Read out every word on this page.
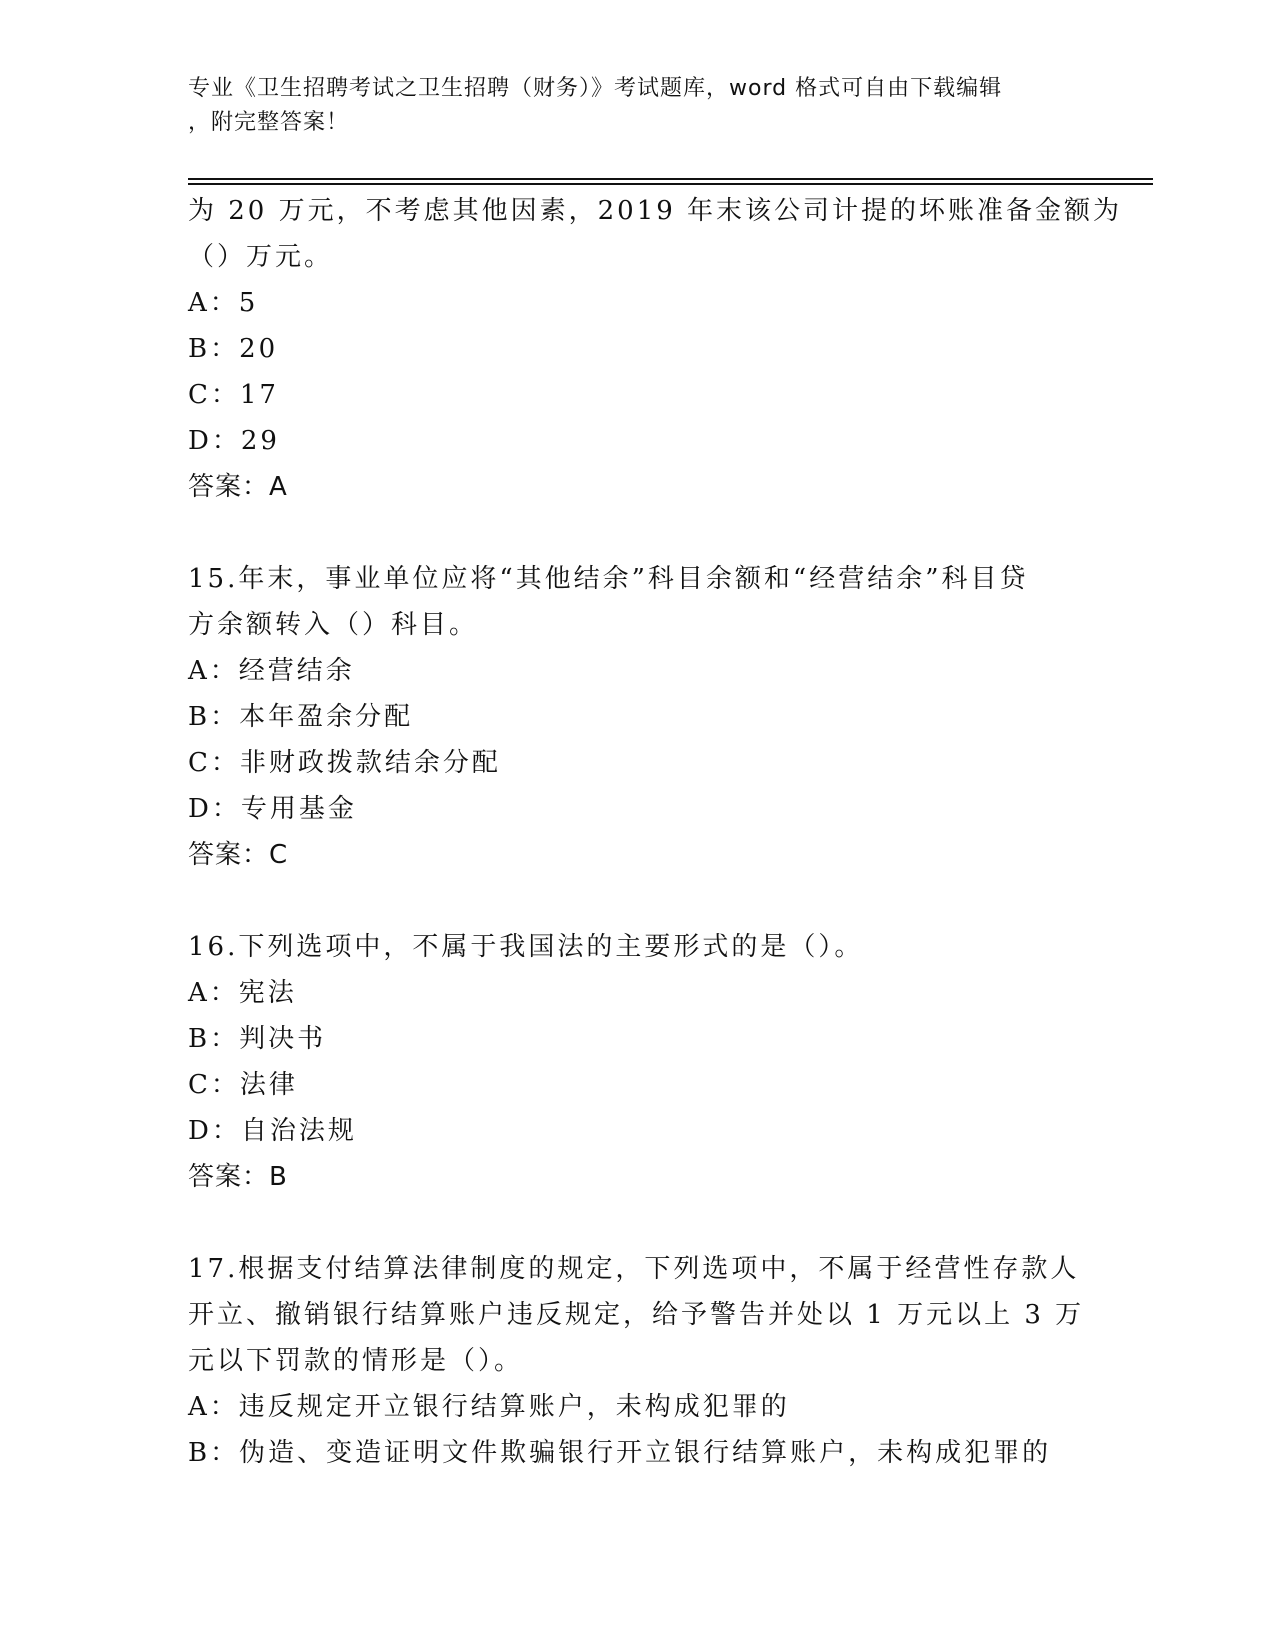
专业《卫生招聘考试之卫生招聘（财务）》考试题库，word 格式可自由下载编辑
，附完整答案！
为 20 万元，不考虑其他因素，2019 年末该公司计提的坏账准备金额为
（）万元。
A：5
B：20
C：17
D：29
答案：A
15.年末，事业单位应将“其他结余”科目余额和“经营结余”科目贷
方余额转入（）科目。
A：经营结余
B：本年盈余分配
C：非财政拨款结余分配
D：专用基金
答案：C
16.下列选项中，不属于我国法的主要形式的是（）。
A：宪法
B：判决书
C：法律
D：自治法规
答案：B
17.根据支付结算法律制度的规定，下列选项中，不属于经营性存款人
开立、撤销银行结算账户违反规定，给予警告并处以 1 万元以上 3 万
元以下罚款的情形是（）。
A：违反规定开立银行结算账户，未构成犯罪的
B：伪造、变造证明文件欺骗银行开立银行结算账户，未构成犯罪的
